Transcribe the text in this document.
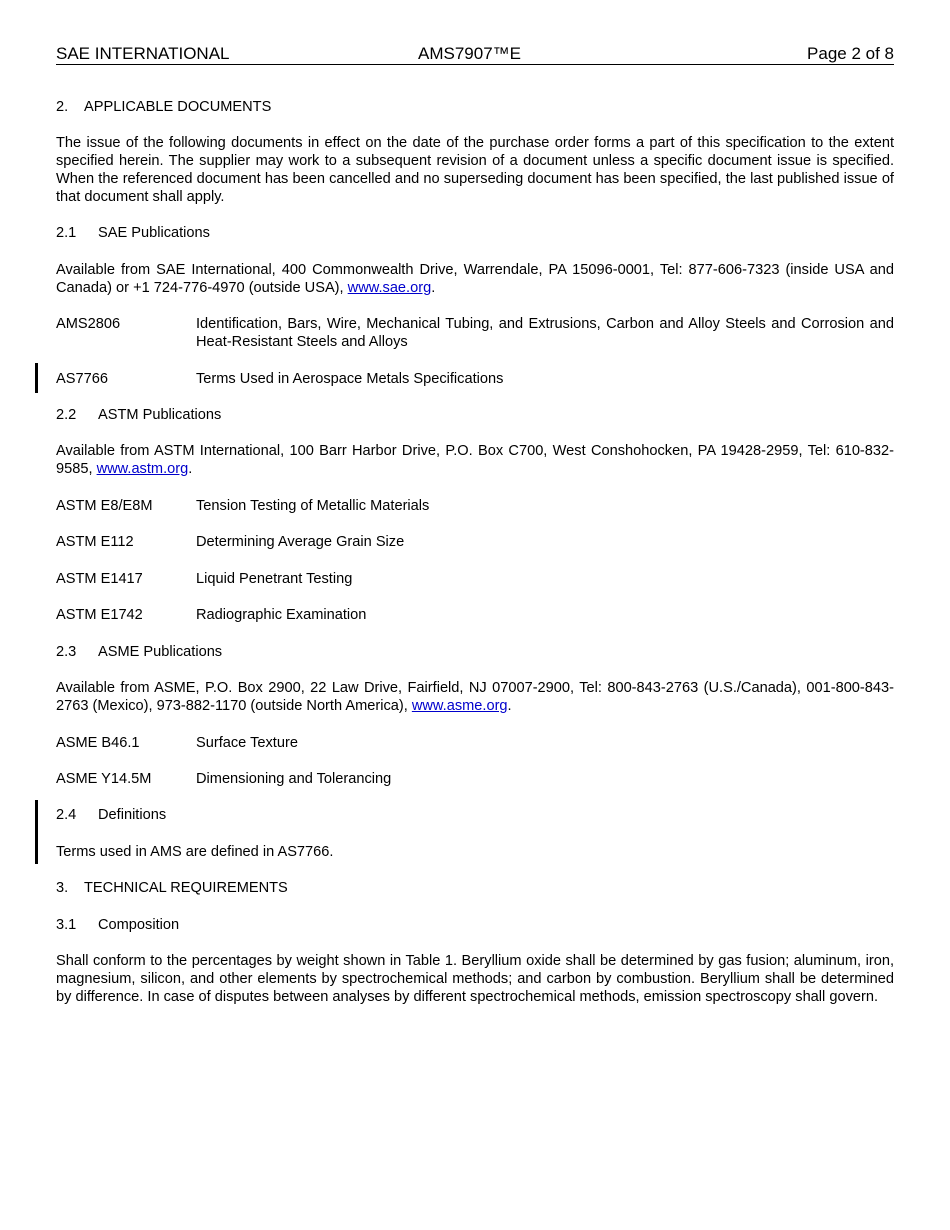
SAE INTERNATIONAL	AMS7907™E	Page 2 of 8
2. APPLICABLE DOCUMENTS
The issue of the following documents in effect on the date of the purchase order forms a part of this specification to the extent specified herein. The supplier may work to a subsequent revision of a document unless a specific document issue is specified. When the referenced document has been cancelled and no superseding document has been specified, the last published issue of that document shall apply.
2.1 SAE Publications
Available from SAE International, 400 Commonwealth Drive, Warrendale, PA 15096-0001, Tel: 877-606-7323 (inside USA and Canada) or +1 724-776-4970 (outside USA), www.sae.org.
AMS2806	Identification, Bars, Wire, Mechanical Tubing, and Extrusions, Carbon and Alloy Steels and Corrosion and Heat-Resistant Steels and Alloys
AS7766	Terms Used in Aerospace Metals Specifications
2.2 ASTM Publications
Available from ASTM International, 100 Barr Harbor Drive, P.O. Box C700, West Conshohocken, PA 19428-2959, Tel: 610-832-9585, www.astm.org.
ASTM E8/E8M	Tension Testing of Metallic Materials
ASTM E112	Determining Average Grain Size
ASTM E1417	Liquid Penetrant Testing
ASTM E1742	Radiographic Examination
2.3 ASME Publications
Available from ASME, P.O. Box 2900, 22 Law Drive, Fairfield, NJ 07007-2900, Tel: 800-843-2763 (U.S./Canada), 001-800-843-2763 (Mexico), 973-882-1170 (outside North America), www.asme.org.
ASME B46.1	Surface Texture
ASME Y14.5M	Dimensioning and Tolerancing
2.4 Definitions
Terms used in AMS are defined in AS7766.
3. TECHNICAL REQUIREMENTS
3.1 Composition
Shall conform to the percentages by weight shown in Table 1. Beryllium oxide shall be determined by gas fusion; aluminum, iron, magnesium, silicon, and other elements by spectrochemical methods; and carbon by combustion. Beryllium shall be determined by difference. In case of disputes between analyses by different spectrochemical methods, emission spectroscopy shall govern.
